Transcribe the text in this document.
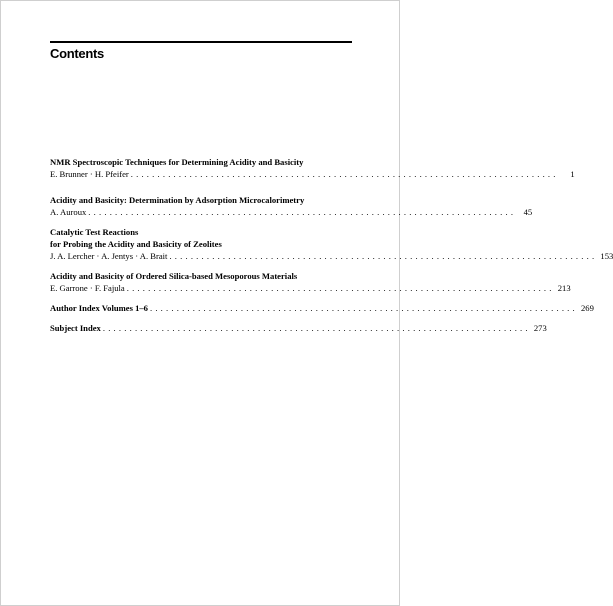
Contents
NMR Spectroscopic Techniques for Determining Acidity and Basicity
E. Brunner · H. Pfeifer ................................................................................	1
Acidity and Basicity: Determination by Adsorption Microcalorimetry
A. Auroux ................................................................................ 45
Catalytic Test Reactions
for Probing the Acidity and Basicity of Zeolites
J. A. Lercher · A. Jentys · A. Brait ................................................................................ 153
Acidity and Basicity of Ordered Silica-based Mesoporous Materials
E. Garrone · F. Fajula ................................................................................ 213
Author Index Volumes 1–6 ................................................................................ 269
Subject Index ................................................................................ 273
